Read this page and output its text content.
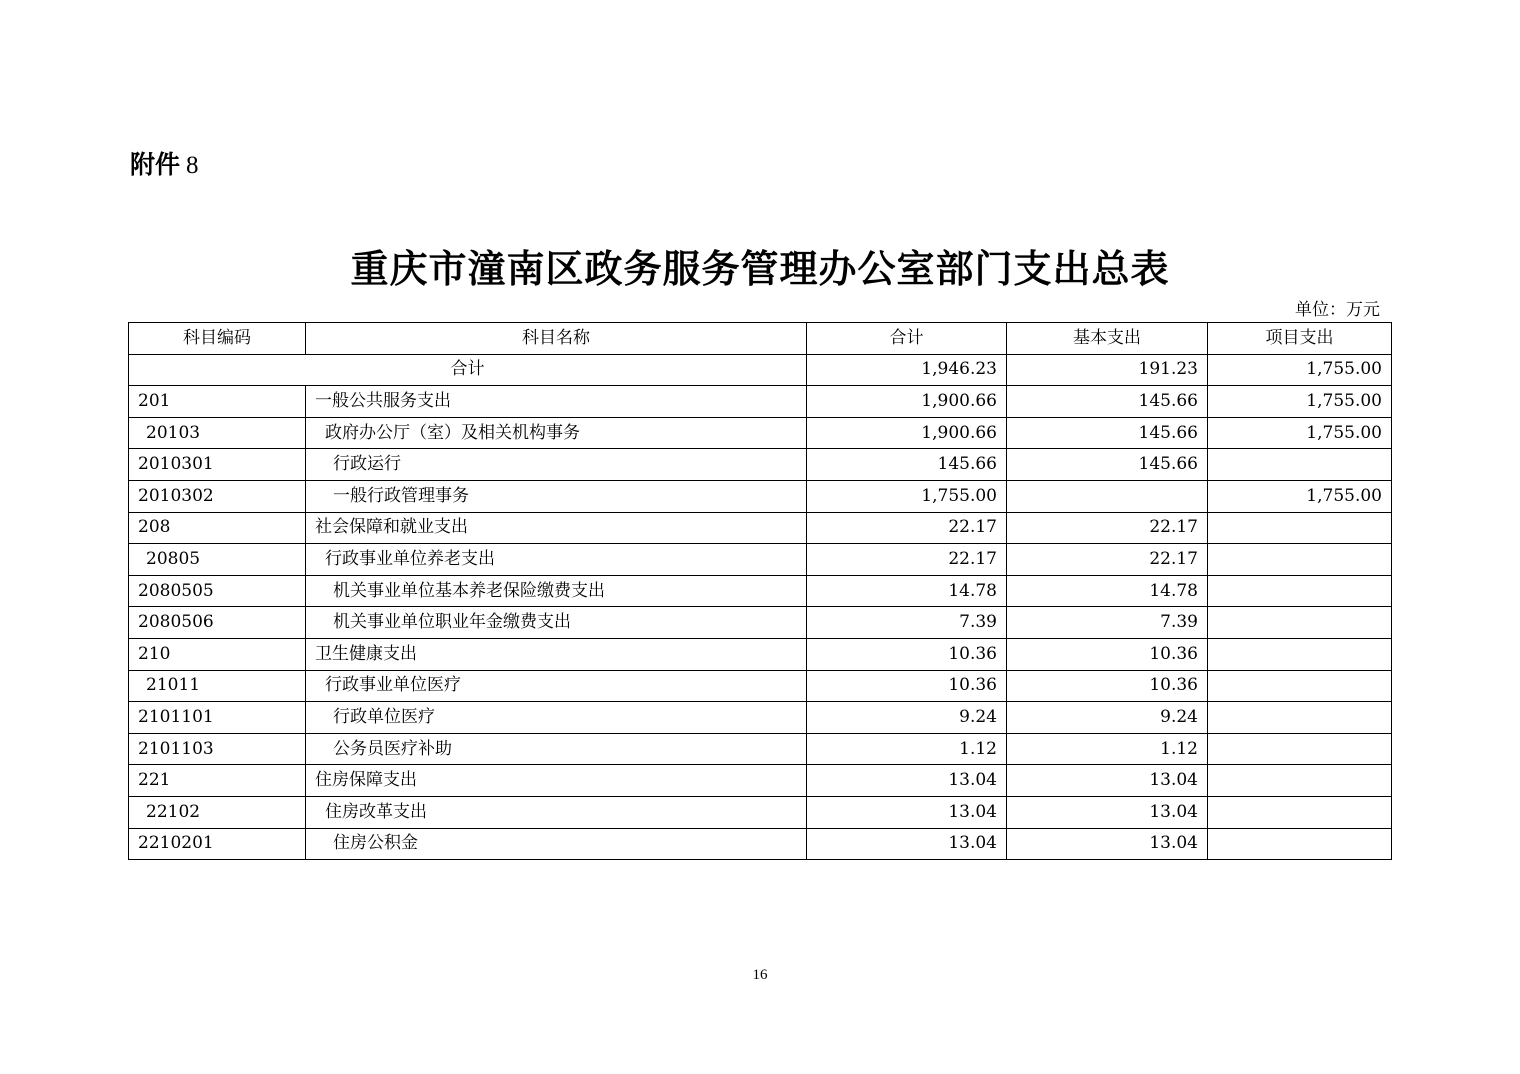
附件 8
重庆市潼南区政务服务管理办公室部门支出总表
单位：万元
科目编码	科目名称	合计	基本支出	项目支出
合计		1,946.23	191.23	1,755.00
201	一般公共服务支出	1,900.66	145.66	1,755.00
20103	政府办公厅（室）及相关机构事务	1,900.66	145.66	1,755.00
2010301	行政运行	145.66	145.66	
2010302	一般行政管理事务	1,755.00		1,755.00
208	社会保障和就业支出	22.17	22.17	
20805	行政事业单位养老支出	22.17	22.17	
2080505	机关事业单位基本养老保险缴费支出	14.78	14.78	
2080506	机关事业单位职业年金缴费支出	7.39	7.39	
210	卫生健康支出	10.36	10.36	
21011	行政事业单位医疗	10.36	10.36	
2101101	行政单位医疗	9.24	9.24	
2101103	公务员医疗补助	1.12	1.12	
221	住房保障支出	13.04	13.04	
22102	住房改革支出	13.04	13.04	
2210201	住房公积金	13.04	13.04	
16
